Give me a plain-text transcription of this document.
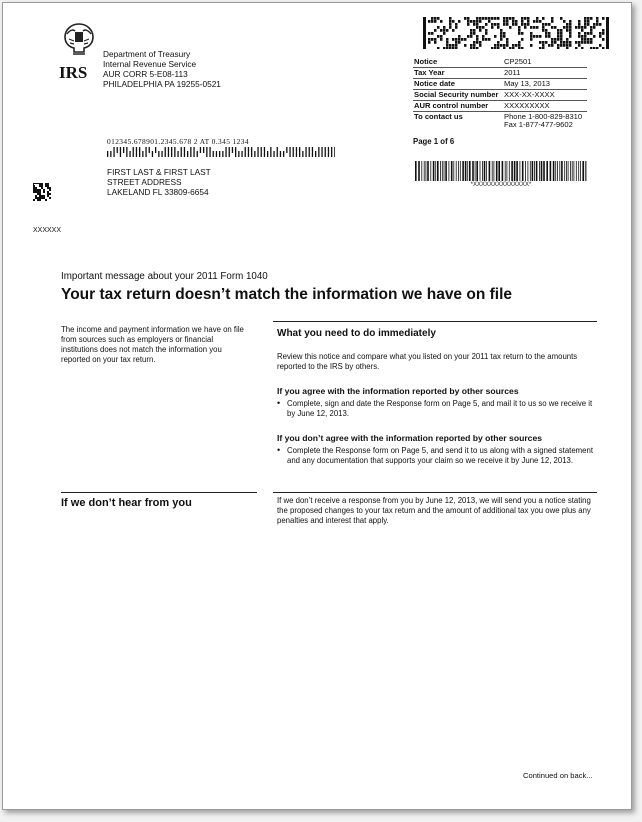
IRS
Department of Treasury
Internal Revenue Service
AUR CORR 5-E08-113
PHILADELPHIA PA 19255-0521
Notice	CP2501
Tax Year	2011
Notice date	May 13, 2013
Social Security number	XXX-XX-XXXX
AUR control number	XXXXXXXXX
To contact us	Phone 1-800-829-8310
Fax 1-877-477-9602
Page 1 of 6
*XXXXXXXXXXXXXX*
012345.678901.2345.678 2 AT 0.345 1234
FIRST LAST & FIRST LAST
STREET ADDRESS
LAKELAND FL 33809-6654
XXXXXX
Important message about your 2011 Form 1040
Your tax return doesn’t match the information we have on file
The income and payment information we have on file from sources such as employers or financial institutions does not match the information you reported on your tax return.
What you need to do immediately
Review this notice and compare what you listed on your 2011 tax return to the amounts reported to the IRS by others.
If you agree with the information reported by other sources
• Complete, sign and date the Response form on Page 5, and mail it to us so we receive it by June 12, 2013.
If you don’t agree with the information reported by other sources
• Complete the Response form on Page 5, and send it to us along with a signed statement and any documentation that supports your claim so we receive it by June 12, 2013.
If we don’t hear from you	If we don’t receive a response from you by June 12, 2013, we will send you a notice stating the proposed changes to your tax return and the amount of additional tax you owe plus any penalties and interest that apply.
Continued on back...
